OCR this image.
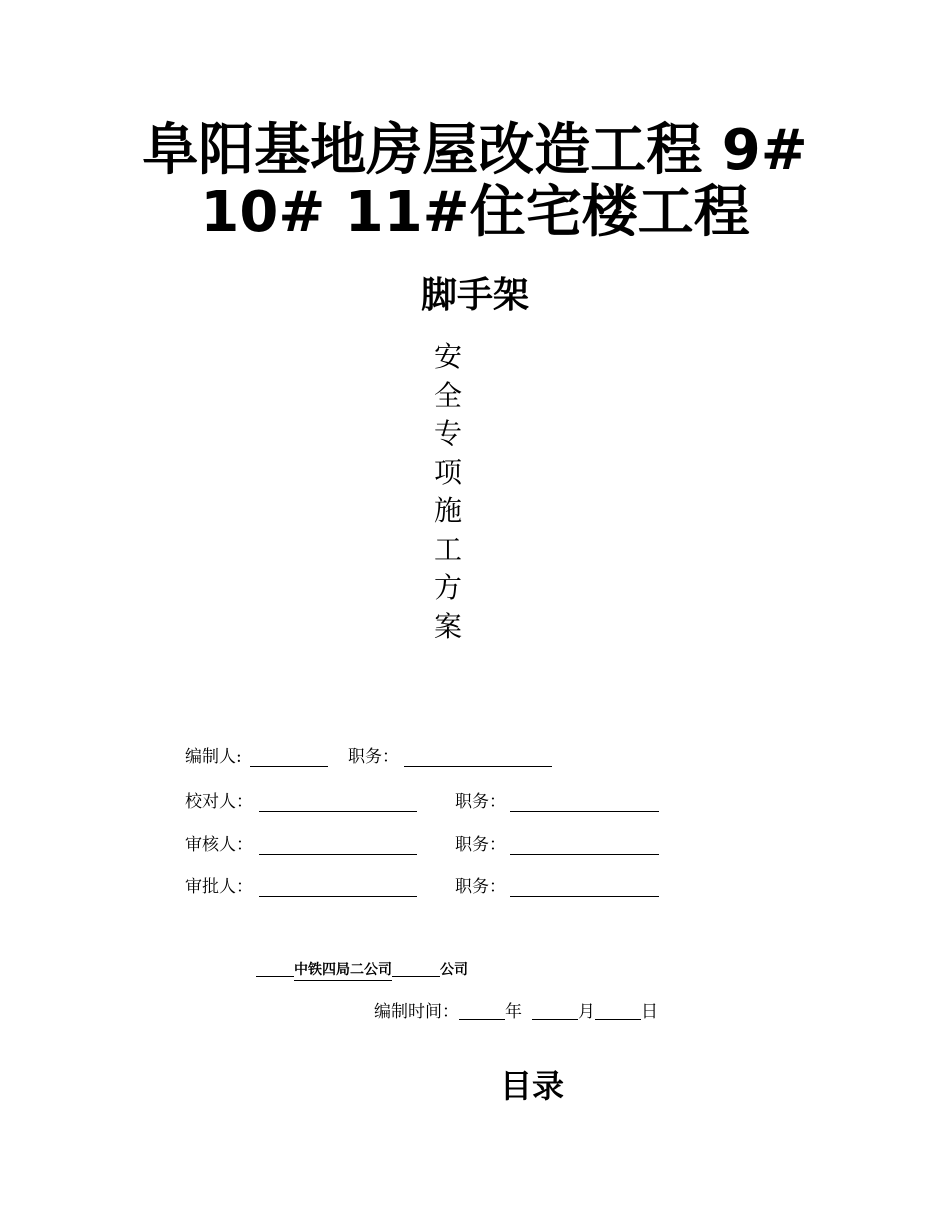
阜阳基地房屋改造工程 9#
10# 11#住宅楼工程
脚手架
安
全
专
项
施
工
方
案
编制人:	职务：
校对人：	职务：
审核人：	职务：
审批人：	职务：
中铁四局二公司	公司
编制时间：	年	月	日
目录
